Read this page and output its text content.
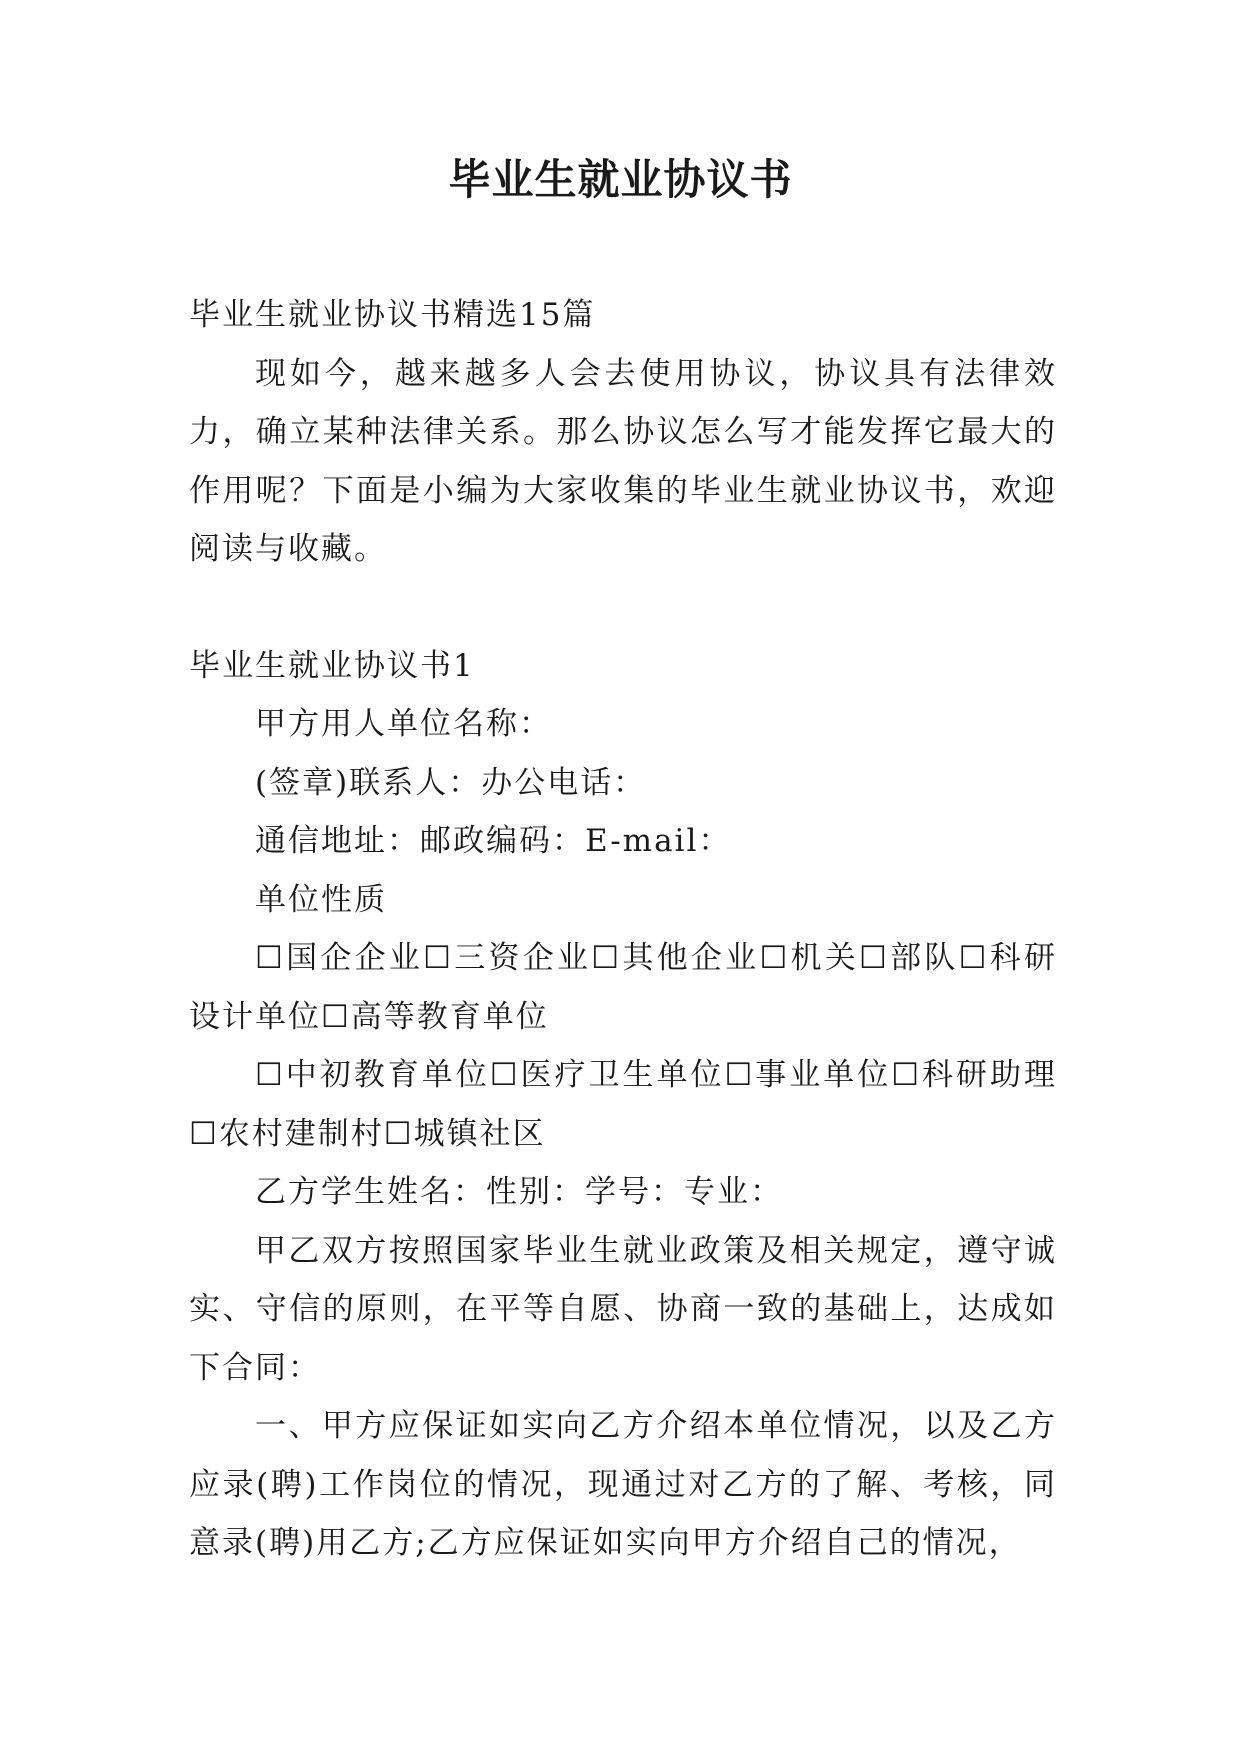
毕业生就业协议书

毕业生就业协议书精选15篇

现如今，越来越多人会去使用协议，协议具有法律效力，确立某种法律关系。那么协议怎么写才能发挥它最大的作用呢？下面是小编为大家收集的毕业生就业协议书，欢迎阅读与收藏。

毕业生就业协议书1

甲方用人单位名称：

(签章)联系人：办公电话：

通信地址：邮政编码：E-mail：

单位性质

☐国企企业☐三资企业☐其他企业☐机关☐部队☐科研设计单位☐高等教育单位

☐中初教育单位☐医疗卫生单位☐事业单位☐科研助理☐农村建制村☐城镇社区

乙方学生姓名：性别：学号：专业：

甲乙双方按照国家毕业生就业政策及相关规定，遵守诚实、守信的原则，在平等自愿、协商一致的基础上，达成如下合同：

一、甲方应保证如实向乙方介绍本单位情况，以及乙方应录(聘)工作岗位的情况，现通过对乙方的了解、考核，同意录(聘)用乙方;乙方应保证如实向甲方介绍自己的情况，
